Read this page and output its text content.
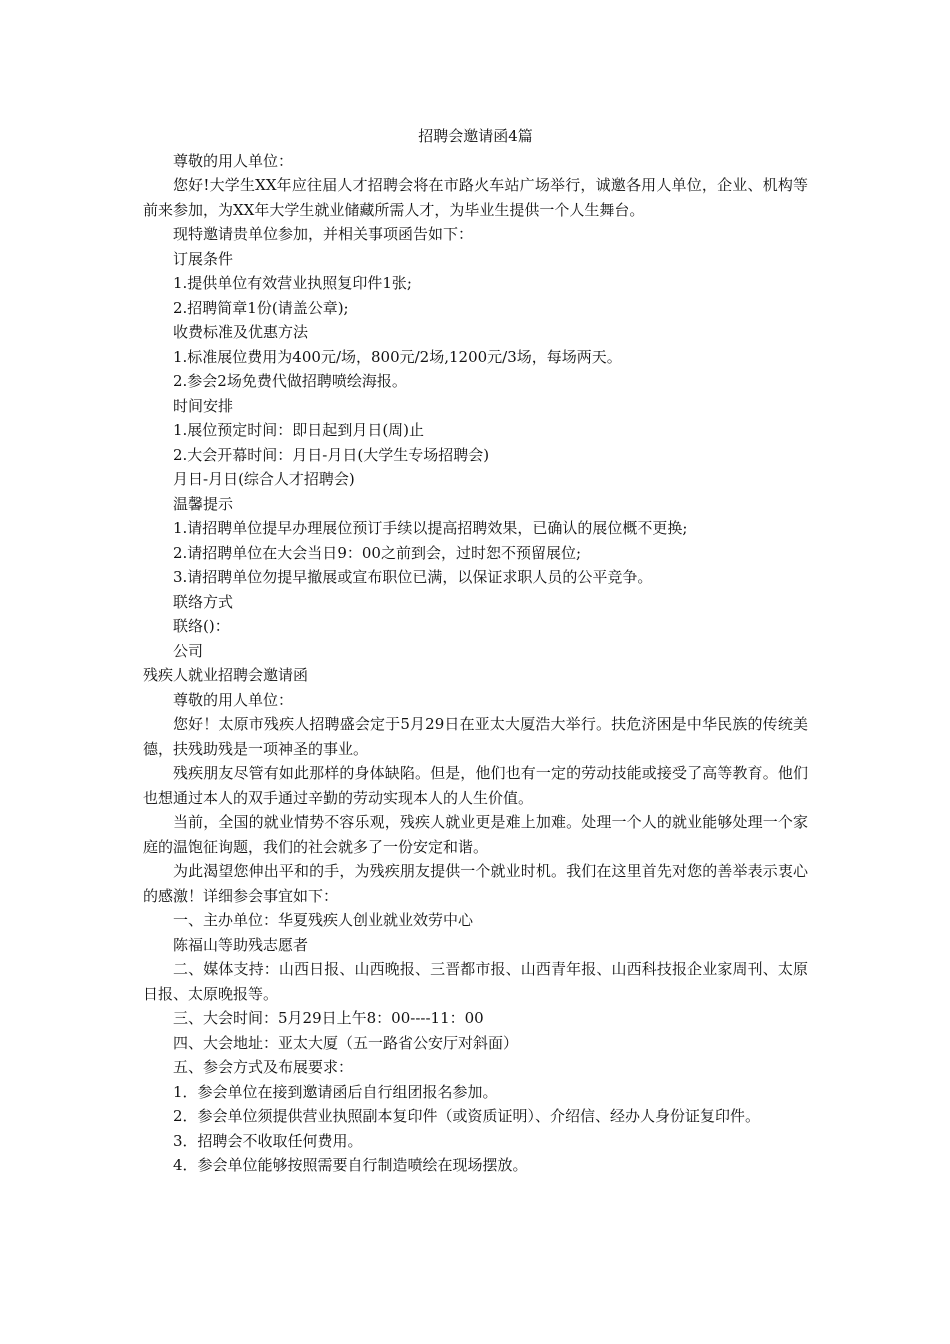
招聘会邀请函4篇

尊敬的用人单位：

您好!大学生XX年应往届人才招聘会将在市路火车站广场举行，诚邀各用人单位，企业、机构等前来参加，为XX年大学生就业储藏所需人才，为毕业生提供一个人生舞台。

现特邀请贵单位参加，并相关事项函告如下：

订展条件

1.提供单位有效营业执照复印件1张;

2.招聘简章1份(请盖公章);

收费标准及优惠方法

1.标准展位费用为400元/场，800元/2场,1200元/3场，每场两天。

2.参会2场免费代做招聘喷绘海报。

时间安排

1.展位预定时间：即日起到月日(周)止

2.大会开幕时间：月日-月日(大学生专场招聘会)

月日-月日(综合人才招聘会)

温馨提示

1.请招聘单位提早办理展位预订手续以提高招聘效果，已确认的展位概不更换;

2.请招聘单位在大会当日9：00之前到会，过时恕不预留展位;

3.请招聘单位勿提早撤展或宣布职位已满，以保证求职人员的公平竞争。

联络方式

联络()：

公司

残疾人就业招聘会邀请函

尊敬的用人单位：

您好！太原市残疾人招聘盛会定于5月29日在亚太大厦浩大举行。扶危济困是中华民族的传统美德，扶残助残是一项神圣的事业。

残疾朋友尽管有如此那样的身体缺陷。但是，他们也有一定的劳动技能或接受了高等教育。他们也想通过本人的双手通过辛勤的劳动实现本人的人生价值。

当前，全国的就业情势不容乐观，残疾人就业更是难上加难。处理一个人的就业能够处理一个家庭的温饱征询题，我们的社会就多了一份安定和谐。

为此渴望您伸出平和的手，为残疾朋友提供一个就业时机。我们在这里首先对您的善举表示衷心的感激！详细参会事宜如下：

一、主办单位：华夏残疾人创业就业效劳中心

陈福山等助残志愿者

二、媒体支持：山西日报、山西晚报、三晋都市报、山西青年报、山西科技报企业家周刊、太原日报、太原晚报等。

三、大会时间：5月29日上午8：00----11：00

四、大会地址：亚太大厦（五一路省公安厅对斜面）

五、参会方式及布展要求：

1．参会单位在接到邀请函后自行组团报名参加。

2．参会单位须提供营业执照副本复印件（或资质证明）、介绍信、经办人身份证复印件。

3．招聘会不收取任何费用。

4．参会单位能够按照需要自行制造喷绘在现场摆放。
